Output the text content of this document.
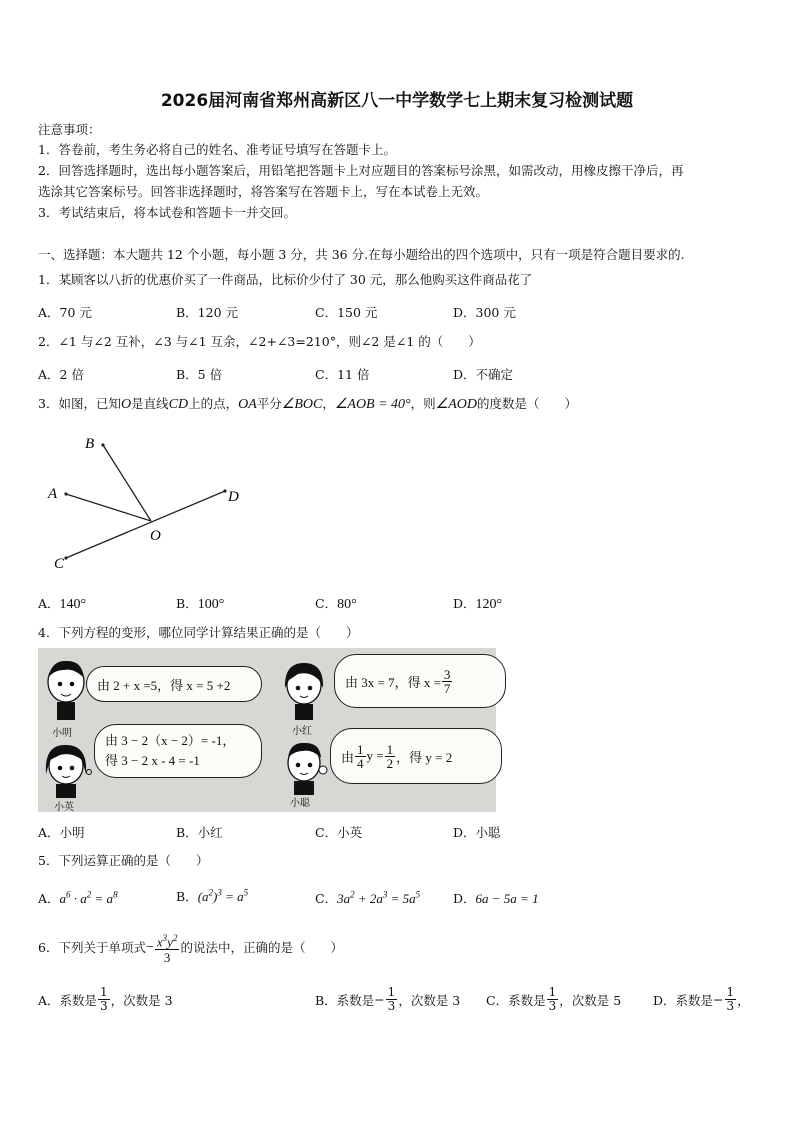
2026届河南省郑州高新区八一中学数学七上期末复习检测试题
注意事项：
1．答卷前，考生务必将自己的姓名、准考证号填写在答题卡上。
2．回答选择题时，选出每小题答案后，用铅笔把答题卡上对应题目的答案标号涂黑，如需改动，用橡皮擦干净后，再
选涂其它答案标号。回答非选择题时，将答案写在答题卡上，写在本试卷上无效。
3．考试结束后，将本试卷和答题卡一并交回。
一、选择题：本大题共 12 个小题，每小题 3 分，共 36 分.在每小题给出的四个选项中，只有一项是符合题目要求的.
1．某顾客以八折的优惠价买了一件商品，比标价少付了 30 元，那么他购买这件商品花了
A．70 元	B．120 元	C．150 元	D．300 元
2．∠1 与∠2 互补，∠3 与∠1 互余，∠2+∠3=210°，则∠2 是∠1 的（　　）
A．2 倍	B．5 倍	C．11 倍	D．不确定
3．如图，已知O是直线CD上的点，OA平分∠BOC，∠AOB = 40°，则∠AOD的度数是（　　）
B
A
C
D
O
A．140°	B．100°	C．80°	D．120°
4．下列方程的变形，哪位同学计算结果正确的是（　　）
小明
由 2 + x =5，得 x = 5 +2
小红
由 3x = 7，得 $x = \frac{3}{7}$
小英
由 3 − 2（x − 2）= -1，
得 3 − 2 x - 4 = -1
小聪
由 $\frac{1}{4}$ $y = \frac{1}{2}$ ，得 y = 2
A．小明	B．小红	C．小英	D．小聪
5．下列运算正确的是（　　）
A．$a^6 \cdot a^2 = a^8$	B．$(a^2)^3 = a^5$	C．$3a^2 + 2a^3 = 5a^5$	D．6a − 5a = 1
6．下列关于单项式 − $\frac{x^3y^2}{3}$ 的说法中，正确的是（　　）
A．系数是 $\frac{1}{3}$ ，次数是 3	B．系数是 − $\frac{1}{3}$ ，次数是 3 C．系数是 $\frac{1}{3}$ ，次数是 5	D．系数是 − $\frac{1}{3}$ ，
